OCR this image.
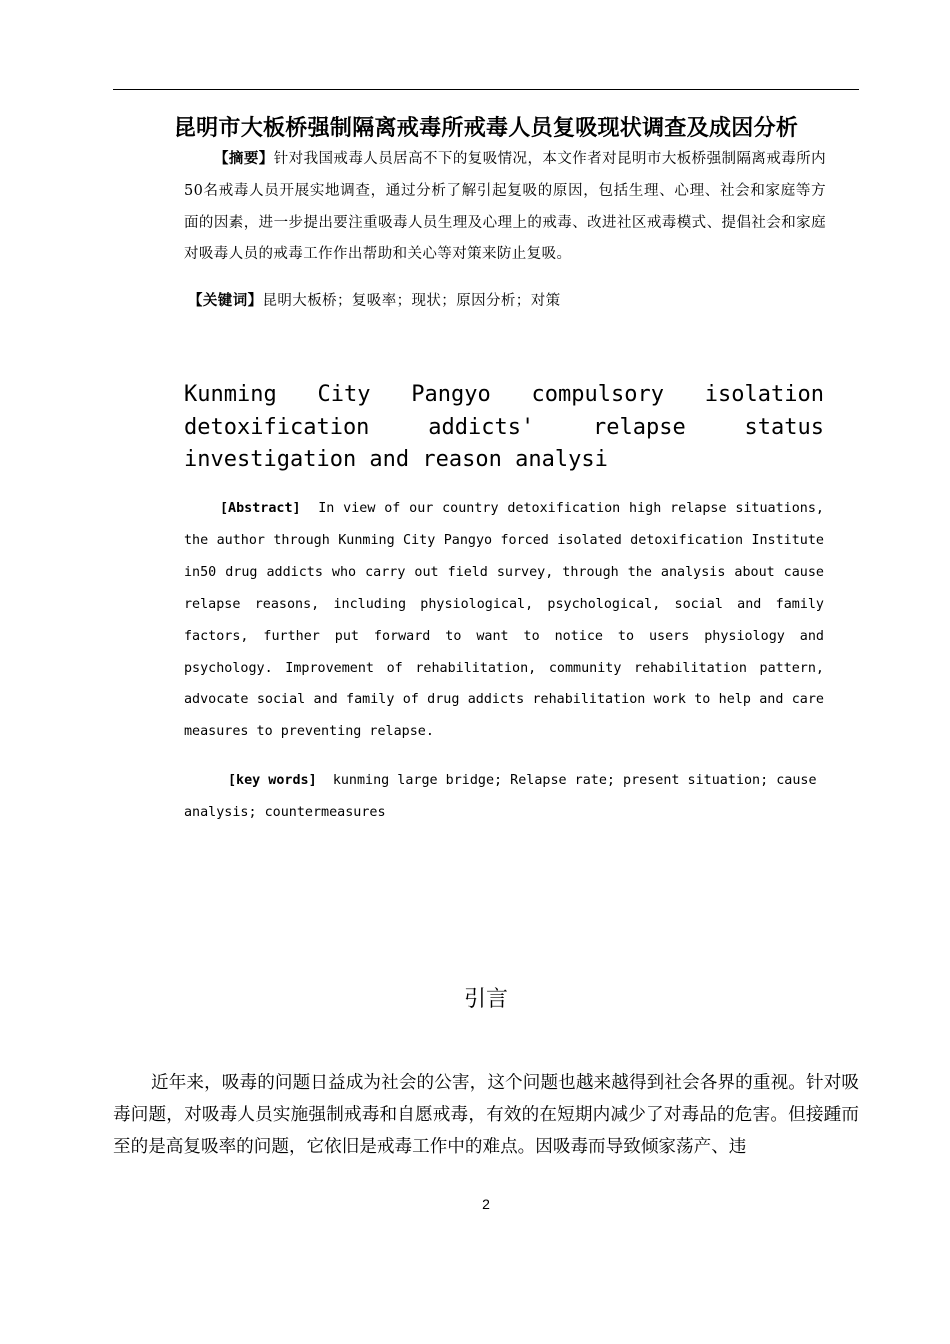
昆明市大板桥强制隔离戒毒所戒毒人员复吸现状调查及成因分析
【摘要】针对我国戒毒人员居高不下的复吸情况，本文作者对昆明市大板桥强制隔离戒毒所内50名戒毒人员开展实地调查，通过分析了解引起复吸的原因，包括生理、心理、社会和家庭等方面的因素，进一步提出要注重吸毒人员生理及心理上的戒毒、改进社区戒毒模式、提倡社会和家庭对吸毒人员的戒毒工作作出帮助和关心等对策来防止复吸。
【关键词】昆明大板桥；复吸率；现状；原因分析；对策
Kunming City Pangyo compulsory isolation detoxification addicts' relapse status investigation and reason analysi
[Abstract] In view of our country detoxification high relapse situations, the author through Kunming City Pangyo forced isolated detoxification Institute in50 drug addicts who carry out field survey, through the analysis about cause relapse reasons, including physiological, psychological, social and family factors, further put forward to want to notice to users physiology and psychology. Improvement of rehabilitation, community rehabilitation pattern, advocate social and family of drug addicts rehabilitation work to help and care measures to preventing relapse.
[key words] kunming large bridge; Relapse rate; present situation; cause analysis; countermeasures
引言
近年来，吸毒的问题日益成为社会的公害，这个问题也越来越得到社会各界的重视。针对吸毒问题，对吸毒人员实施强制戒毒和自愿戒毒，有效的在短期内减少了对毒品的危害。但接踵而至的是高复吸率的问题，它依旧是戒毒工作中的难点。因吸毒而导致倾家荡产、违
2
